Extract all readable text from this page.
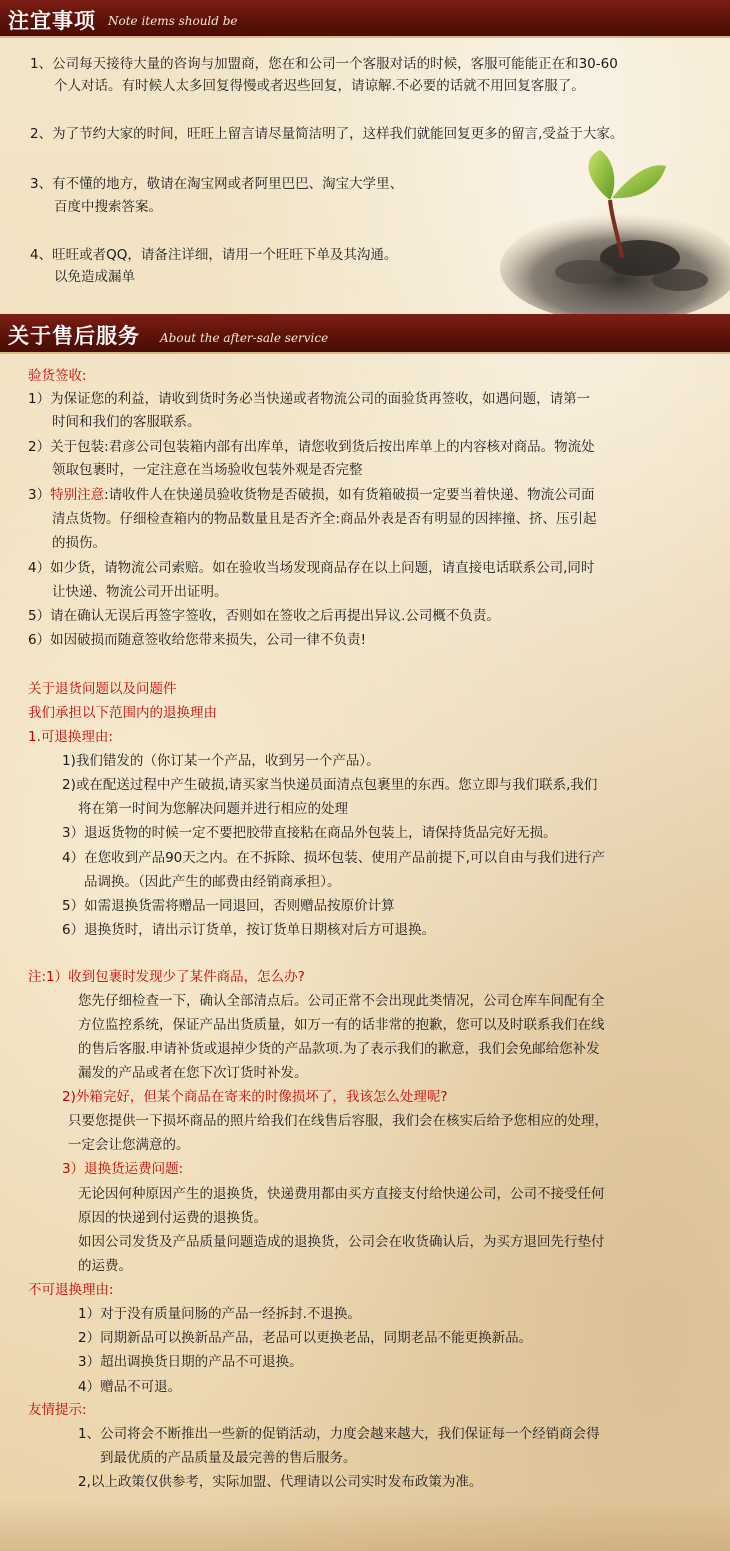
注宜事项 Note items should be
1、公司每天接待大量的咨询与加盟商，您在和公司一个客服对话的时候，客服可能能正在和30-60
个人对话。有时候人太多回复得慢或者迟些回复，请谅解.不必要的话就不用回复客服了。
2、为了节约大家的时间，旺旺上留言请尽量简洁明了，这样我们就能回复更多的留言,受益于大家。
3、有不懂的地方，敬请在淘宝网或者阿里巴巴、淘宝大学里、
百度中搜索答案。
4、旺旺或者QQ，请备注详细，请用一个旺旺下单及其沟通。
以免造成漏单
关于售后服务 About the after-sale service
验货签收:
1）为保证您的利益，请收到货时务必当快递或者物流公司的面验货再签收，如遇问题，请第一
时间和我们的客服联系。
2）关于包装:君彦公司包装箱内部有出库单，请您收到货后按出库单上的内容核对商品。物流处
领取包裹时，一定注意在当场验收包装外观是否完整
3）特别注意:请收件人在快递员验收货物是否破损，如有货箱破损一定要当着快递、物流公司面
清点货物。仔细检查箱内的物品数量且是否齐全:商品外表是否有明显的因摔撞、挤、压引起
的损伤。
4）如少货，请物流公司索赔。如在验收当场发现商品存在以上问题，请直接电话联系公司,同时
让快递、物流公司开出证明。
5）请在确认无误后再签字签收，否则如在签收之后再提出异议.公司概不负责。
6）如因破损而随意签收给您带来损失，公司一律不负责!
关于退货问题以及问题件
我们承担以下范围内的退换理由
1.可退换理由:
1)我们错发的（你订某一个产品，收到另一个产品）。
2)或在配送过程中产生破损,请买家当快递员面清点包裹里的东西。您立即与我们联系,我们
将在第一时间为您解决问题并进行相应的处理
3）退返货物的时候一定不要把胶带直接粘在商品外包装上，请保持货品完好无损。
4）在您收到产品90天之内。在不拆除、损坏包装、使用产品前提下,可以自由与我们进行产
品调换。（因此产生的邮费由经销商承担）。
5）如需退换货需将赠品一同退回，否则赠品按原价计算
6）退换货时，请出示订货单，按订货单日期核对后方可退换。
注:1）收到包裹时发现少了某件商品，怎么办?
您先仔细检查一下，确认全部清点后。公司正常不会出现此类情况，公司仓库车间配有全
方位监控系统，保证产品出货质量，如万一有的话非常的抱歉，您可以及时联系我们在线
的售后客服.申请补货或退掉少货的产品款项.为了表示我们的歉意，我们会免邮给您补发
漏发的产品或者在您下次订货时补发。
2)外箱完好，但某个商品在寄来的时像损坏了，我该怎么处理呢?
只要您提供一下损坏商品的照片给我们在线售后容服，我们会在核实后给予您相应的处理，
一定会让您满意的。
3）退换货运费问题:
无论因何种原因产生的退换货，快递费用都由买方直接支付给快递公司，公司不接受任何
原因的快递到付运费的退换货。
如因公司发货及产品质量问题造成的退换货，公司会在收货确认后，为买方退回先行垫付
的运费。
不可退换理由:
1）对于没有质量问肠的产品一经拆封.不退换。
2）同期新品可以换新品产品，老品可以更换老品，同期老品不能更换新品。
3）超出调换货日期的产品不可退换。
4）赠品不可退。
友情提示:
1、公司将会不断推出一些新的促销活动，力度会越来越大，我们保证每一个经销商会得
到最优质的产品质量及最完善的售后服务。
2,以上政策仅供参考，实际加盟、代理请以公司实时发布政策为准。
